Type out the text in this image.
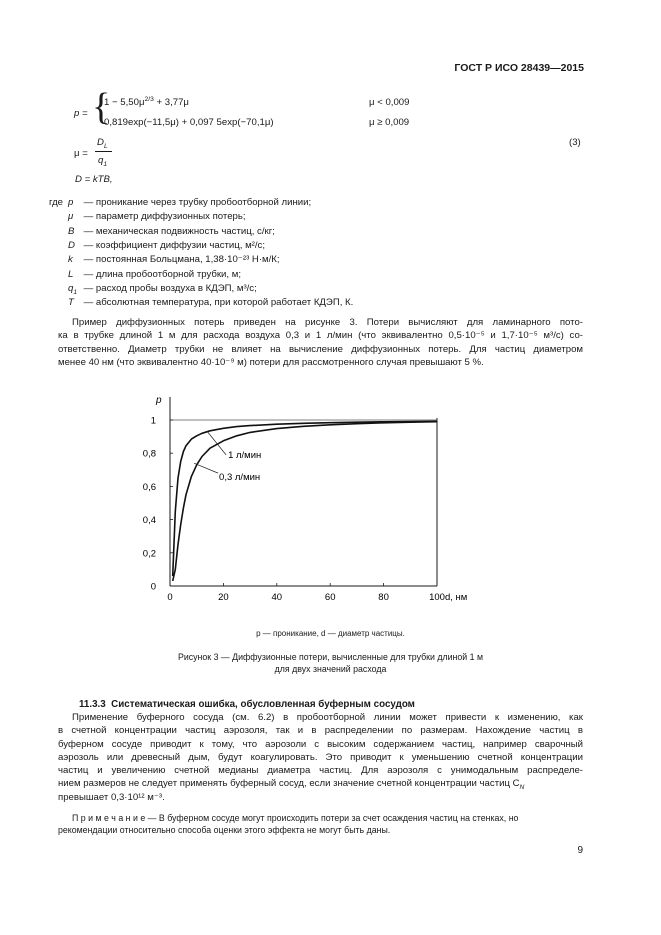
ГОСТ Р ИСО 28439—2015
p = {
$1 - 5,50\mu^{2/3} + 3,77\mu$	μ < 0,009
0,819exp(−11,5μ) + 0,097 5exp(−70,1μ)	μ ≥ 0,009
μ =
$D_L$
$q_1$
(3)
D = kTB,
гдеp — проникание через трубку пробоотборной линии;
μ — параметр диффузионных потерь;
B — механическая подвижность частиц, с/кг;
D — коэффициент диффузии частиц, м²/с;
k — постоянная Больцмана, 1,38·10⁻²³ Н·м/К;
L — длина пробоотборной трубки, м;
$q_1$ — расход пробы воздуха в КДЭП, м³/с;
T — абсолютная температура, при которой работает КДЭП, К.

Пример диффузионных потерь приведен на рисунке 3. Потери вычисляют для ламинарного пото-

ка в трубке длиной 1 м для расхода воздуха 0,3 и 1 л/мин (что эквивалентно 0,5·10⁻⁵ и 1,7·10⁻⁵ м³/с) со-

ответственно. Диаметр трубки не влияет на вычисление диффузионных потерь. Для частиц диаметром

менее 40 нм (что эквивалентно 40·10⁻⁹ м) потери для рассмотренного случая превышают 5 %.

0	20	40	60	80	100
0
0,2
0,4
0,6
0,8
1
p
d, нм
1 л/мин
0,3 л/мин
p — проникание, d — диаметр частицы.
Рисунок 3 — Диффузионные потери, вычисленные для трубки длиной 1 м
для двух значений расхода
11.3.3 Систематическая ошибка, обусловленная буферным сосудом

Применение буферного сосуда (см. 6.2) в пробоотборной линии может привести к изменению, как

в счетной концентрации частиц аэрозоля, так и в распределении по размерам. Нахождение частиц в

буферном сосуде приводит к тому, что аэрозоли с высоким содержанием частиц, например сварочный

аэрозоль или древесный дым, будут коагулировать. Это приводит к уменьшению счетной концентрации

частиц и увеличению счетной медианы диаметра частиц. Для аэрозоля с унимодальным распределе-

нием размеров не следует применять буферный сосуд, если значение счетной концентрации частиц $C_N$

превышает 0,3·10¹² м⁻³.

П р и м е ч а н и е — В буферном сосуде могут происходить потери за счет осаждения частиц на стенках, но
рекомендации относительно способа оценки этого эффекта не могут быть даны.
9
